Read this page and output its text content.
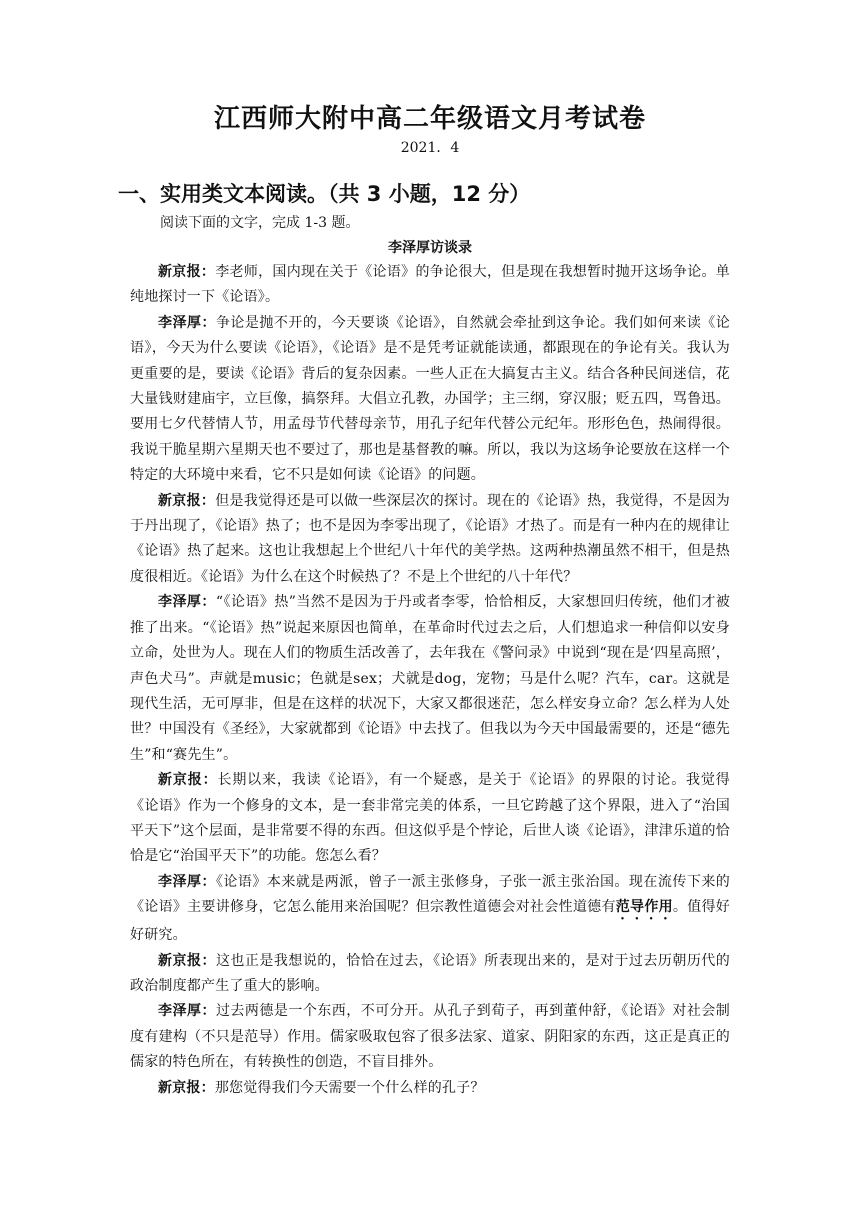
江西师大附中高二年级语文月考试卷
2021．4
一、实用类文本阅读。（共 3 小题，12 分）
阅读下面的文字，完成 1-3 题。
李泽厚访谈录

新京报：李老师，国内现在关于《论语》的争论很大，但是现在我想暂时抛开这场争论。单纯地探讨一下《论语》。

李泽厚：争论是抛不开的，今天要谈《论语》，自然就会牵扯到这争论。我们如何来读《论语》，今天为什么要读《论语》，《论语》是不是凭考证就能读通，都跟现在的争论有关。我认为更重要的是，要读《论语》背后的复杂因素。一些人正在大搞复古主义。结合各种民间迷信，花大量钱财建庙宇，立巨像，搞祭拜。大倡立孔教，办国学；主三纲，穿汉服；贬五四，骂鲁迅。要用七夕代替情人节，用孟母节代替母亲节，用孔子纪年代替公元纪年。形形色色，热闹得很。我说干脆星期六星期天也不要过了，那也是基督教的嘛。所以，我以为这场争论要放在这样一个特定的大环境中来看，它不只是如何读《论语》的问题。

新京报：但是我觉得还是可以做一些深层次的探讨。现在的《论语》热，我觉得，不是因为于丹出现了，《论语》热了；也不是因为李零出现了，《论语》才热了。而是有一种内在的规律让《论语》热了起来。这也让我想起上个世纪八十年代的美学热。这两种热潮虽然不相干，但是热度很相近。《论语》为什么在这个时候热了？不是上个世纪的八十年代？

李泽厚：“《论语》热”当然不是因为于丹或者李零，恰恰相反，大家想回归传统，他们才被推了出来。“《论语》热”说起来原因也简单，在革命时代过去之后，人们想追求一种信仰以安身立命，处世为人。现在人们的物质生活改善了，去年我在《警问录》中说到“现在是‘四星高照’，声色犬马”。声就是music；色就是sex；犬就是dog，宠物；马是什么呢？汽车，car。这就是现代生活，无可厚非，但是在这样的状况下，大家又都很迷茫，怎么样安身立命？怎么样为人处世？中国没有《圣经》，大家就都到《论语》中去找了。但我以为今天中国最需要的，还是“德先生”和“赛先生”。

新京报：长期以来，我读《论语》，有一个疑惑，是关于《论语》的界限的讨论。我觉得《论语》作为一个修身的文本，是一套非常完美的体系，一旦它跨越了这个界限，进入了“治国平天下”这个层面，是非常要不得的东西。但这似乎是个悖论，后世人谈《论语》，津津乐道的恰恰是它“治国平天下”的功能。您怎么看？

李泽厚：《论语》本来就是两派，曾子一派主张修身，子张一派主张治国。现在流传下来的《论语》主要讲修身，它怎么能用来治国呢？但宗教性道德会对社会性道德有范导作用。值得好好研究。

新京报：这也正是我想说的，恰恰在过去，《论语》所表现出来的，是对于过去历朝历代的政治制度都产生了重大的影响。

李泽厚：过去两德是一个东西，不可分开。从孔子到荀子，再到董仲舒，《论语》对社会制度有建构（不只是范导）作用。儒家吸取包容了很多法家、道家、阴阳家的东西，这正是真正的儒家的特色所在，有转换性的创造，不盲目排外。

新京报：那您觉得我们今天需要一个什么样的孔子？
